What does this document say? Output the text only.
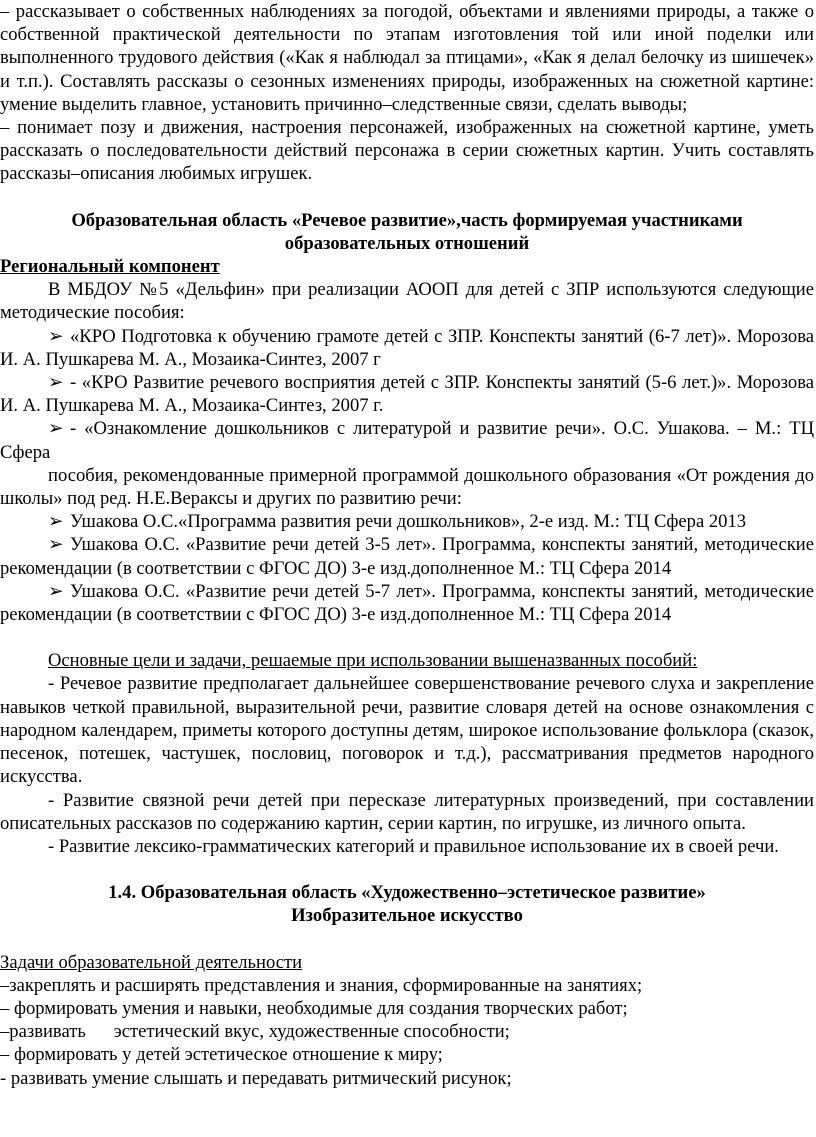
– рассказывает о собственных наблюдениях за погодой, объектами и явлениями природы, а также о собственной практической деятельности по этапам изготовления той или иной поделки или выполненного трудового действия («Как я наблюдал за птицами», «Как я делал белочку из шишечек» и т.п.). Составлять рассказы о сезонных изменениях природы, изображенных на сюжетной картине: умение выделить главное, установить причинно–следственные связи, сделать выводы;

– понимает позу и движения, настроения персонажей, изображенных на сюжетной картине, уметь рассказать о последовательности действий персонажа в серии сюжетных картин. Учить составлять рассказы–описания любимых игрушек.

Образовательная область «Речевое развитие»,часть формируемая участниками

образовательных отношений

Региональный компонент

В МБДОУ №5 «Дельфин» при реализации АООП для детей с ЗПР используются следующие методические пособия:

➢ «КРО Подготовка к обучению грамоте детей с ЗПР. Конспекты занятий (6-7 лет)». Морозова И. А. Пушкарева М. А., Мозаика-Синтез, 2007 г

➢ - «КРО Развитие речевого восприятия детей с ЗПР. Конспекты занятий (5-6 лет.)». Морозова И. А. Пушкарева М. А., Мозаика-Синтез, 2007 г.

➢ - «Ознакомление дошкольников с литературой и развитие речи». О.С. Ушакова. – М.: ТЦ Сфера

пособия, рекомендованные примерной программой дошкольного образования «От рождения до школы» под ред. Н.Е.Вераксы и других по развитию речи:

➢ Ушакова О.С.«Программа развития речи дошкольников», 2-е изд. М.: ТЦ Сфера 2013

➢ Ушакова О.С. «Развитие речи детей 3-5 лет». Программа, конспекты занятий, методические рекомендации (в соответствии с ФГОС ДО) 3-е изд.дополненное М.: ТЦ Сфера 2014

➢ Ушакова О.С. «Развитие речи детей 5-7 лет». Программа, конспекты занятий, методические рекомендации (в соответствии с ФГОС ДО) 3-е изд.дополненное М.: ТЦ Сфера 2014

Основные цели и задачи, решаемые при использовании вышеназванных пособий:

- Речевое развитие предполагает дальнейшее совершенствование речевого слуха и закрепление навыков четкой правильной, выразительной речи, развитие словаря детей на основе ознакомления с народном календарем, приметы которого доступны детям, широкое использование фольклора (сказок, песенок, потешек, частушек, пословиц, поговорок и т.д.), рассматривания предметов народного искусства.

- Развитие связной речи детей при пересказе литературных произведений, при составлении описательных рассказов по содержанию картин, серии картин, по игрушке, из личного опыта.

- Развитие лексико-грамматических категорий и правильное использование их в своей речи.

1.4. Образовательная область «Художественно–эстетическое развитие»

Изобразительное искусство

Задачи образовательной деятельности

–закреплять и расширять представления и знания, сформированные на занятиях;

– формировать умения и навыки, необходимые для создания творческих работ;

–развивать      эстетический вкус, художественные способности;

– формировать у детей эстетическое отношение к миру;

- развивать умение слышать и передавать ритмический рисунок;
